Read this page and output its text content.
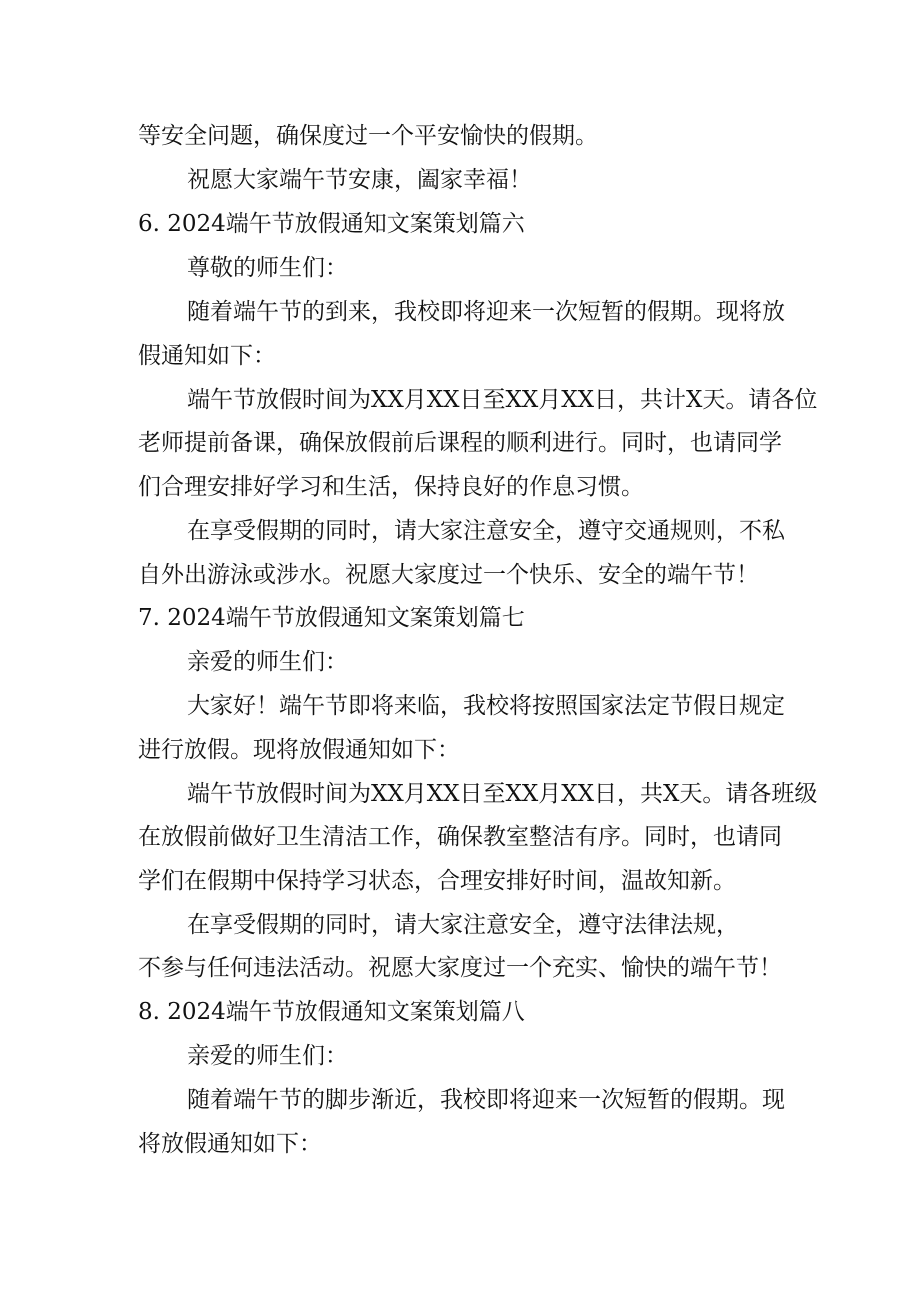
等安全问题，确保度过一个平安愉快的假期。
祝愿大家端午节安康，阖家幸福！
6. 2024端午节放假通知文案策划篇六
尊敬的师生们：
随着端午节的到来，我校即将迎来一次短暂的假期。现将放
假通知如下：
端午节放假时间为XX月XX日至XX月XX日，共计X天。请各位
老师提前备课，确保放假前后课程的顺利进行。同时，也请同学
们合理安排好学习和生活，保持良好的作息习惯。
在享受假期的同时，请大家注意安全，遵守交通规则，不私
自外出游泳或涉水。祝愿大家度过一个快乐、安全的端午节！
7. 2024端午节放假通知文案策划篇七
亲爱的师生们：
大家好！端午节即将来临，我校将按照国家法定节假日规定
进行放假。现将放假通知如下：
端午节放假时间为XX月XX日至XX月XX日，共X天。请各班级
在放假前做好卫生清洁工作，确保教室整洁有序。同时，也请同
学们在假期中保持学习状态，合理安排好时间，温故知新。
在享受假期的同时，请大家注意安全，遵守法律法规，
不参与任何违法活动。祝愿大家度过一个充实、愉快的端午节！
8. 2024端午节放假通知文案策划篇八
亲爱的师生们：
随着端午节的脚步渐近，我校即将迎来一次短暂的假期。现
将放假通知如下：
